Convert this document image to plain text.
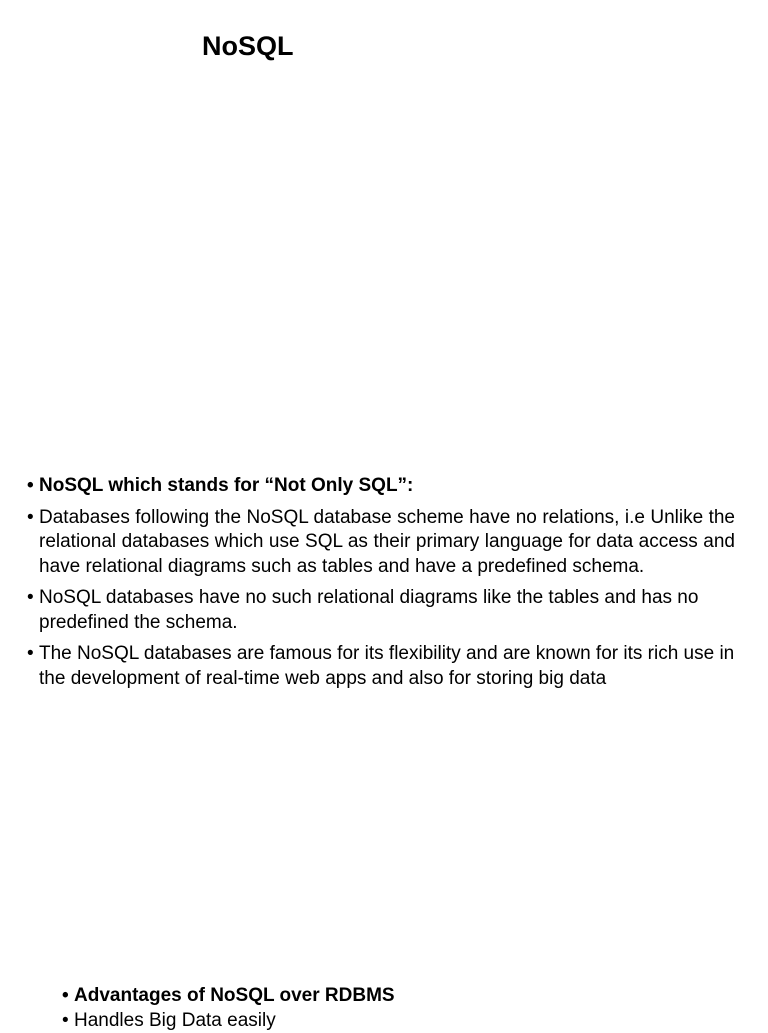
NoSQL
• NoSQL which stands for “Not Only SQL”:
• Databases following the NoSQL database scheme have no relations, i.e Unlike the relational databases which use SQL as their primary language for data access and have relational diagrams such as tables and have a predefined schema.
• NoSQL databases have no such relational diagrams like the tables and has no predefined the schema.
• The NoSQL databases are famous for its flexibility and are known for its rich use in the development of real-time web apps and also for storing big data
• Advantages of NoSQL over RDBMS
• Handles Big Data easily
